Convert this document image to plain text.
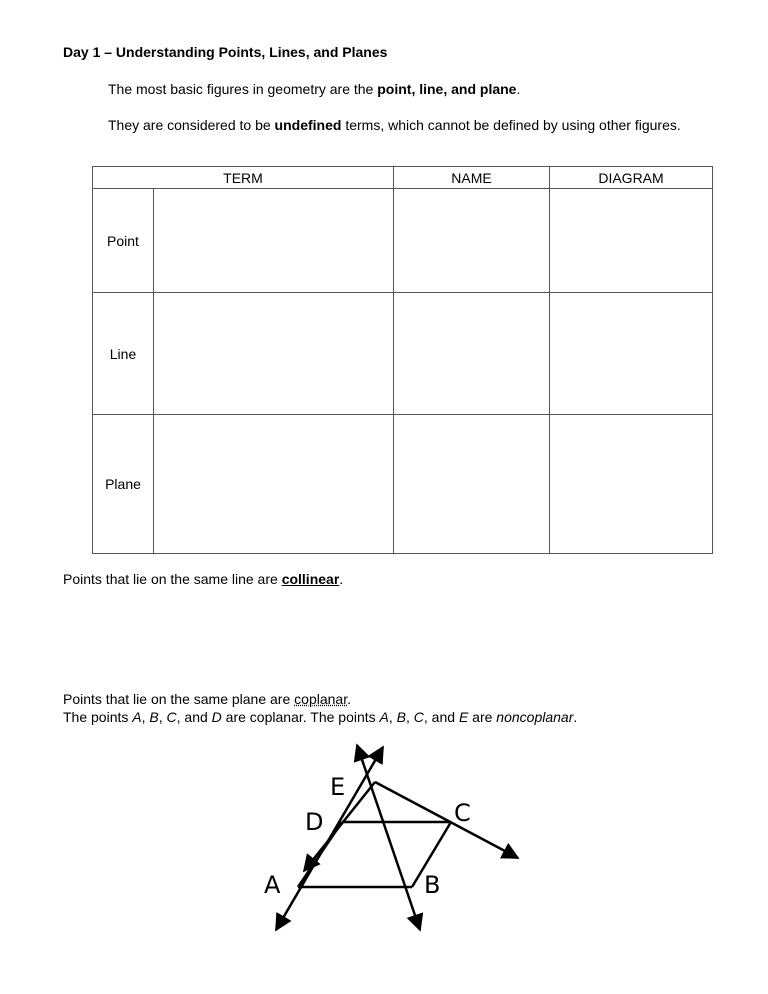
Day 1 – Understanding Points, Lines, and Planes
The most basic figures in geometry are the point, line, and plane.
They are considered to be undefined terms, which cannot be defined by using other figures.
TERM		NAME	DIAGRAM
Point			
Line			
Plane			
Points that lie on the same line are collinear.
Points that lie on the same plane are coplanar.
The points A, B, C, and D are coplanar. The points A, B, C, and E are noncoplanar.
E
D	C
A	B
